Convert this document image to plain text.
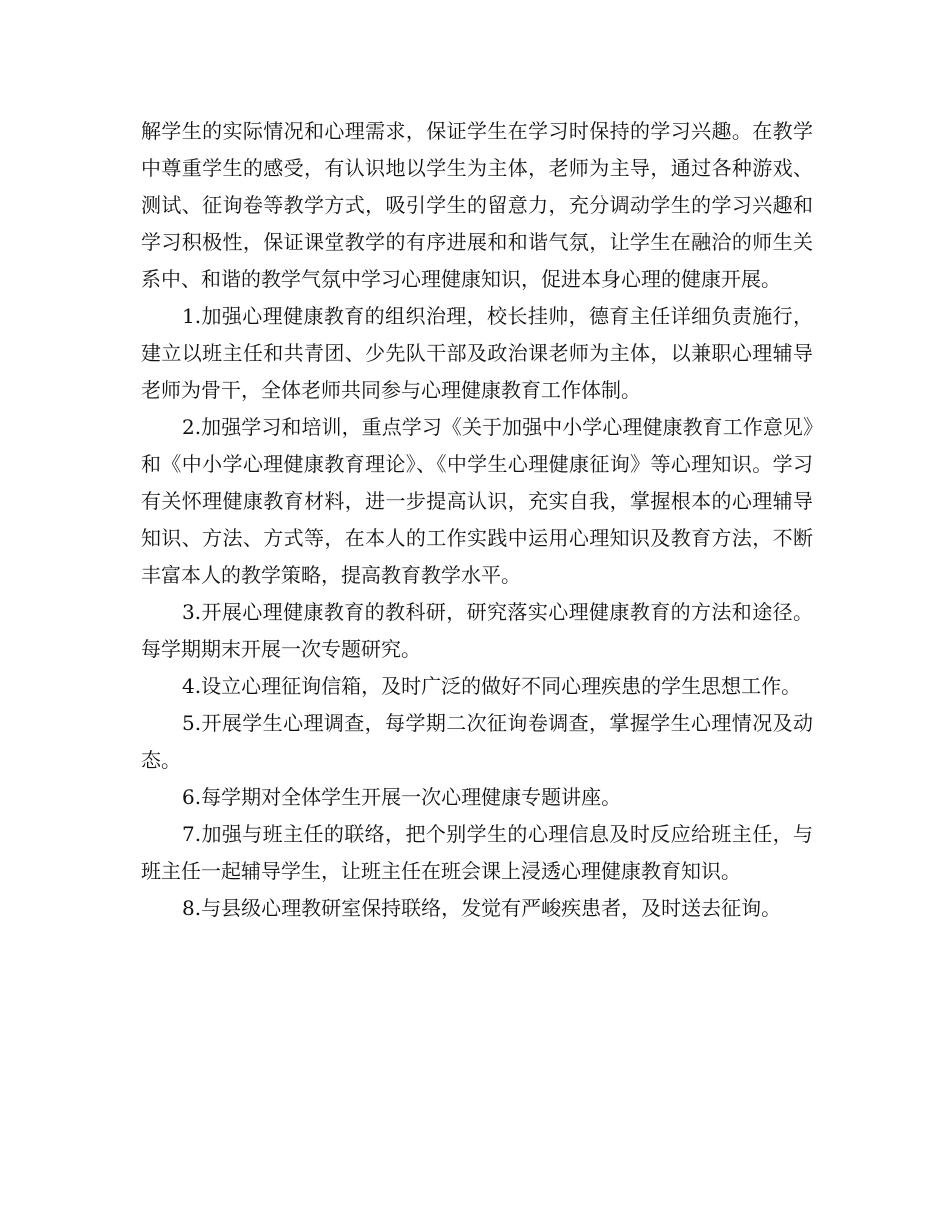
解学生的实际情况和心理需求，保证学生在学习时保持的学习兴趣。在教学中尊重学生的感受，有认识地以学生为主体，老师为主导，通过各种游戏、测试、征询卷等教学方式，吸引学生的留意力，充分调动学生的学习兴趣和学习积极性，保证课堂教学的有序进展和和谐气氛，让学生在融洽的师生关系中、和谐的教学气氛中学习心理健康知识，促进本身心理的健康开展。

1.加强心理健康教育的组织治理，校长挂帅，德育主任详细负责施行，建立以班主任和共青团、少先队干部及政治课老师为主体，以兼职心理辅导老师为骨干，全体老师共同参与心理健康教育工作体制。

2.加强学习和培训，重点学习《关于加强中小学心理健康教育工作意见》和《中小学心理健康教育理论》、《中学生心理健康征询》等心理知识。学习有关怀理健康教育材料，进一步提高认识，充实自我，掌握根本的心理辅导知识、方法、方式等，在本人的工作实践中运用心理知识及教育方法，不断丰富本人的教学策略，提高教育教学水平。

3.开展心理健康教育的教科研，研究落实心理健康教育的方法和途径。每学期期末开展一次专题研究。

4.设立心理征询信箱，及时广泛的做好不同心理疾患的学生思想工作。

5.开展学生心理调查，每学期二次征询卷调查，掌握学生心理情况及动态。

6.每学期对全体学生开展一次心理健康专题讲座。

7.加强与班主任的联络，把个别学生的心理信息及时反应给班主任，与班主任一起辅导学生，让班主任在班会课上浸透心理健康教育知识。

8.与县级心理教研室保持联络，发觉有严峻疾患者，及时送去征询。
